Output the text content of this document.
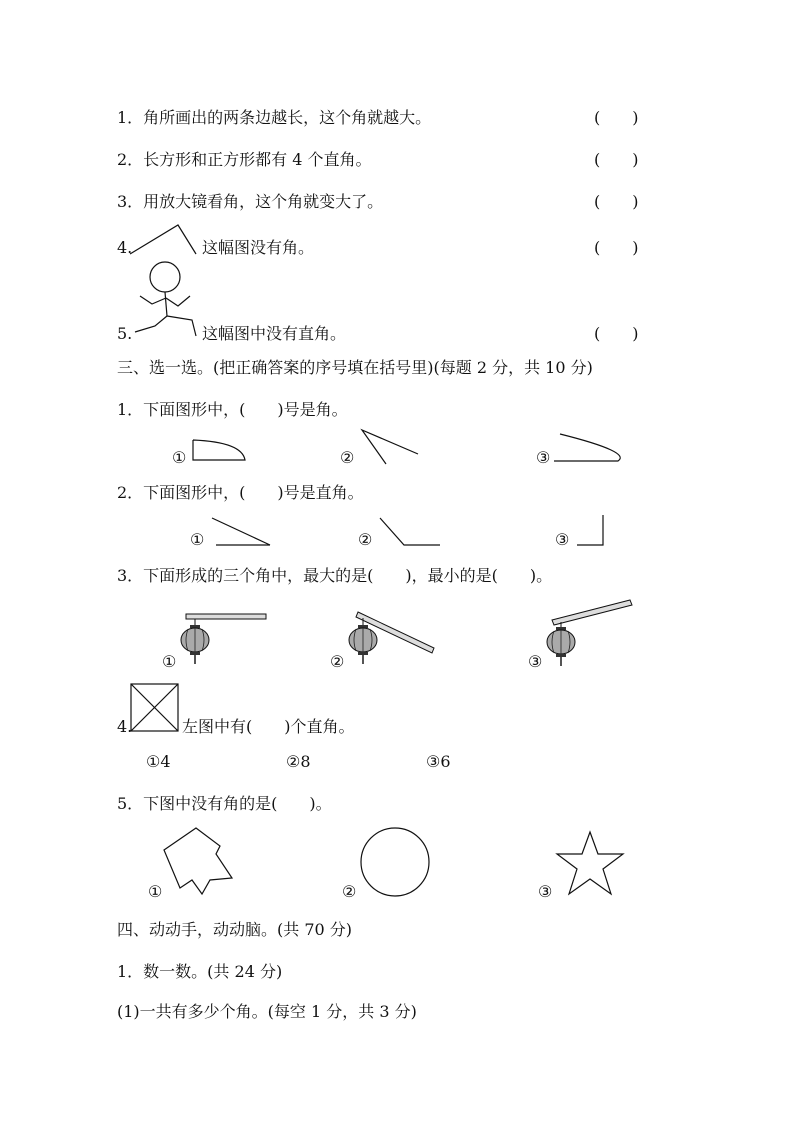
1．角所画出的两条边越长，这个角就越大。	(　　)
2．长方形和正方形都有 4 个直角。	(　　)
3．用放大镜看角，这个角就变大了。	(　　)
4.	这幅图没有角。	(　　)
5.	这幅图中没有直角。	(　　)
三、选一选。(把正确答案的序号填在括号里)(每题 2 分，共 10 分)
1．下面图形中，(　　)号是角。
①	②	③
2．下面图形中，(　　)号是直角。
①	②	③
3．下面形成的三个角中，最大的是(　　)，最小的是(　　)。
①	②	③
4.	左图中有(　　)个直角。
①4	②8	③6
5．下图中没有角的是(　　)。
①	②	③
四、动动手，动动脑。(共 70 分)
1．数一数。(共 24 分)
(1)一共有多少个角。(每空 1 分，共 3 分)
